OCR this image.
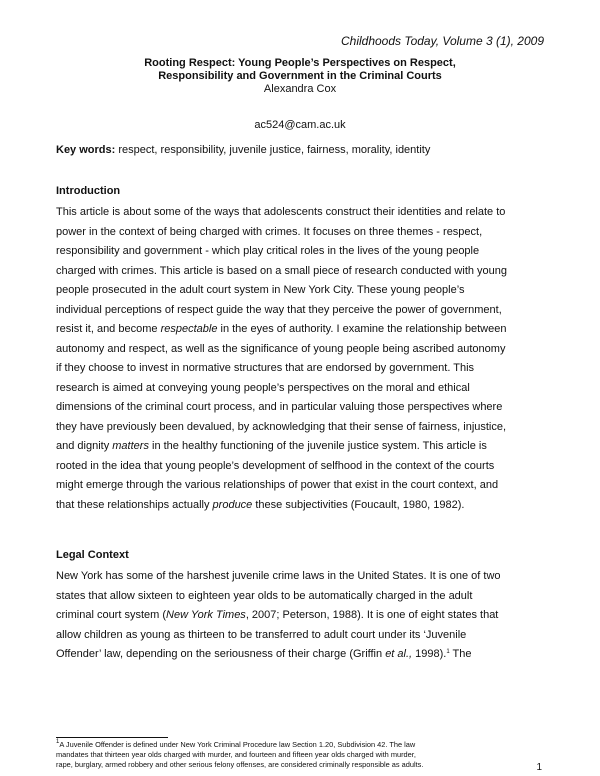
Childhoods Today, Volume 3 (1), 2009
Rooting Respect: Young People’s Perspectives on Respect,
Responsibility and Government in the Criminal Courts
Alexandra Cox
ac524@cam.ac.uk
Key words: respect, responsibility, juvenile justice, fairness, morality, identity
Introduction
This article is about some of the ways that adolescents construct their identities and relate to
power in the context of being charged with crimes. It focuses on three themes - respect,
responsibility and government - which play critical roles in the lives of the young people
charged with crimes. This article is based on a small piece of research conducted with young
people prosecuted in the adult court system in New York City. These young people’s
individual perceptions of respect guide the way that they perceive the power of government,
resist it, and become respectable in the eyes of authority. I examine the relationship between
autonomy and respect, as well as the significance of young people being ascribed autonomy
if they choose to invest in normative structures that are endorsed by government. This
research is aimed at conveying young people’s perspectives on the moral and ethical
dimensions of the criminal court process, and in particular valuing those perspectives where
they have previously been devalued, by acknowledging that their sense of fairness, injustice,
and dignity matters in the healthy functioning of the juvenile justice system. This article is
rooted in the idea that young people’s development of selfhood in the context of the courts
might emerge through the various relationships of power that exist in the court context, and
that these relationships actually produce these subjectivities (Foucault, 1980, 1982).
Legal Context
New York has some of the harshest juvenile crime laws in the United States. It is one of two
states that allow sixteen to eighteen year olds to be automatically charged in the adult
criminal court system (New York Times, 2007; Peterson, 1988). It is one of eight states that
allow children as young as thirteen to be transferred to adult court under its ‘Juvenile
Offender’ law, depending on the seriousness of their charge (Griffin et al., 1998).$^1$ The
$^1$A Juvenile Offender is defined under New York Criminal Procedure law Section 1.20, Subdivision 42. The law
mandates that thirteen year olds charged with murder, and fourteen and fifteen year olds charged with murder,
rape, burglary, armed robbery and other serious felony offenses, are considered criminally responsible as adults.	1
